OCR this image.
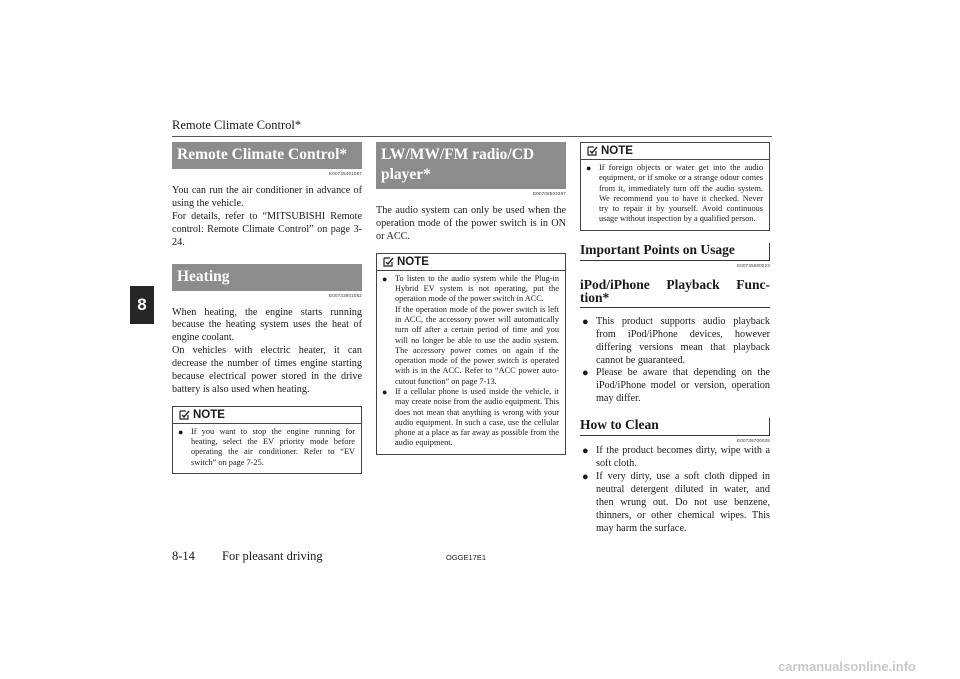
Remote Climate Control*
8
Remote Climate Control*
E00735401087

You can run the air conditioner in advance of using the vehicle.

For details, refer to “MITSUBISHI Remote control: Remote Climate Control” on page 3-24.

Heating
E00733901062

When heating, the engine starts running because the heating system uses the heat of engine coolant.

On vehicles with electric heater, it can decrease the number of times engine starting because electrical power stored in the drive battery is also used when heating.

NOTE
● If you want to stop the engine running for heating, select the EV priority mode before operating the air conditioner. Refer to “EV switch” on page 7-25.
LW/MW/FM radio/CD player*
E00708503387

The audio system can only be used when the operation mode of the power switch is in ON or ACC.

NOTE
● To listen to the audio system while the Plug-in Hybrid EV system is not operating, put the operation mode of the power switch in ACC.

If the operation mode of the power switch is left in ACC, the accessory power will automatically turn off after a certain period of time and you will no longer be able to use the audio system. The accessory power comes on again if the operation mode of the power switch is operated with is in the ACC. Refer to “ACC power auto-cutout function” on page 7-13.

● If a cellular phone is used inside the vehicle, it may create noise from the audio equipment. This does not mean that anything is wrong with your audio equipment. In such a case, use the cellular phone at a place as far away as possible from the audio equipment.
NOTE
● If foreign objects or water get into the audio equipment, or if smoke or a strange odour comes from it, immediately turn off the audio system. We recommend you to have it checked. Never try to repair it by yourself. Avoid continuous usage without inspection by a qualified person.
Important Points on Usage
E00735500023
iPod/iPhone Playback Func-
tion*
● This product supports audio playback from iPod/iPhone devices, however differing versions mean that playback cannot be guaranteed.
● Please be aware that depending on the iPod/iPhone model or version, operation may differ.
How to Clean
E00735700025
● If the product becomes dirty, wipe with a soft cloth.
● If very dirty, use a soft cloth dipped in neutral detergent diluted in water, and then wrung out. Do not use benzene, thinners, or other chemical wipes. This may harm the surface.
8-14 For pleasant driving	OGGE17E1
carmanualsonline.info
